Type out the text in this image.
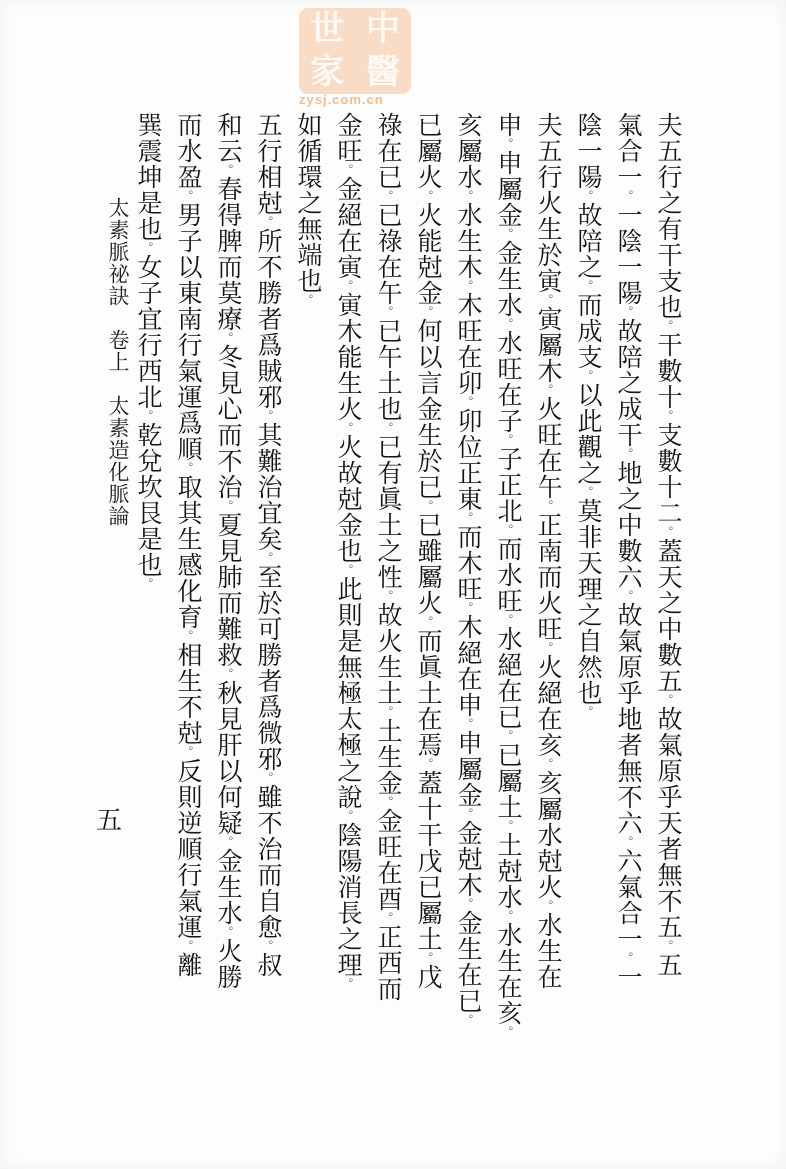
中
醫
世
家
zysj.com.cn
夫五行之有干支也。干數十。支數十二。蓋天之中數五。故氣原乎天者無不五。五
氣合一。一陰一陽。故陪之成干。地之中數六。故氣原乎地者無不六。六氣合一。一
陰一陽。故陪之。而成支。以此觀之。莫非天理之自然也。
夫五行火生於寅。寅屬木。火旺在午。正南而火旺。火絕在亥。亥屬水尅火。水生在
申。申屬金。金生水。水旺在子。子正北。而水旺。水絕在已。已屬土。土尅水。水生在亥。
亥屬水。水生木。木旺在卯。卯位正東。而木旺。木絕在申。申屬金。金尅木。金生在已。
已屬火。火能尅金。何以言金生於已。已雖屬火。而眞土在焉。蓋十干戊已屬土。戊
祿在已。已祿在午。已午土也。已有眞土之性。故火生土。土生金。金旺在酉。正西而
金旺。金絕在寅。寅木能生火。火故尅金也。此則是無極太極之說。陰陽消長之理。
如循環之無端也。
五行相尅。所不勝者爲賊邪。其難治宜矣。至於可勝者爲微邪。雖不治而自愈。叔
和云。春得脾而莫療。冬見心而不治。夏見肺而難救。秋見肝以何疑。金生水。火勝
而水盈。男子以東南行氣運爲順。取其生感化育。相生不尅。反則逆順行氣運。離
巽震坤是也。女子宜行西北。乾兌坎艮是也。
太素脈祕訣　卷上　太素造化脈論
五
